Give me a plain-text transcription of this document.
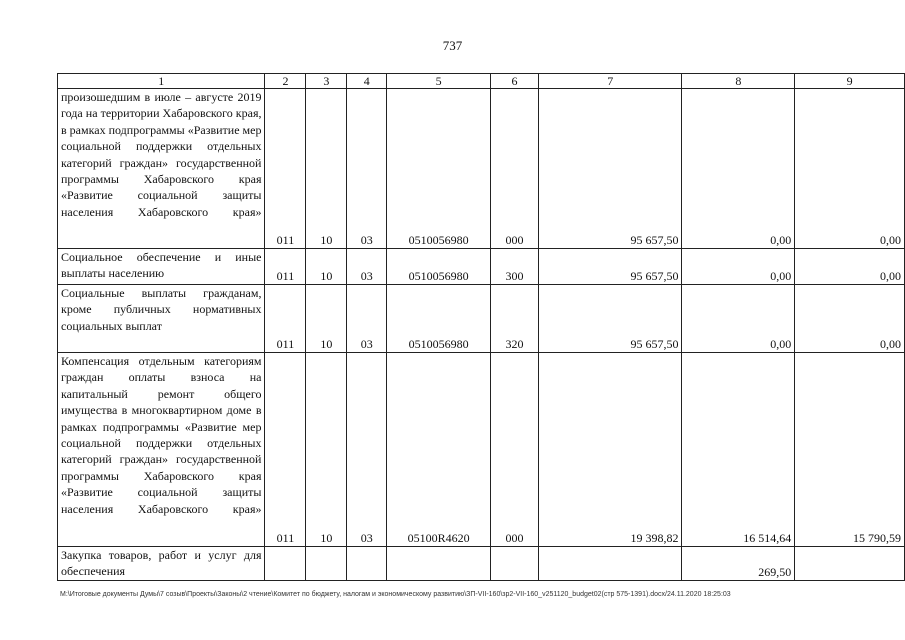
737
1	2	3	4	5	6	7	8	9
произошедшим в июле – августе 2019 года на территории Хабаровского края, в рамках подпрограммы «Развитие мер социальной поддержки отдельных категорий граждан» государственной программы Хабаровского края «Развитие социальной защиты населения Хабаровского края»	011	10	03	0510056980	000	95 657,50	0,00	0,00
Социальное обеспечение и иные выплаты населению	011	10	03	0510056980	300	95 657,50	0,00	0,00
Социальные выплаты гражданам, кроме публичных нормативных социальных выплат	011	10	03	0510056980	320	95 657,50	0,00	0,00
Компенсация отдельным категориям граждан оплаты взноса на капитальный ремонт общего имущества в многоквартирном доме в рамках подпрограммы «Развитие мер социальной поддержки отдельных категорий граждан» государственной программы Хабаровского края «Развитие социальной защиты населения Хабаровского края»	011	10	03	05100R4620	000	19 398,82	16 514,64	15 790,59
Закупка товаров, работ и услуг для обеспечения							269,50	
M:\Итоговые документы Думы\7 созыв\Проекты\Законы\2 чтение\Комитет по бюджету, налогам и экономическому развитию\ЗП-VII-160\зр2-VII-160_v251120_budget02(стр 575-1391).docx/24.11.2020 18:25:03
